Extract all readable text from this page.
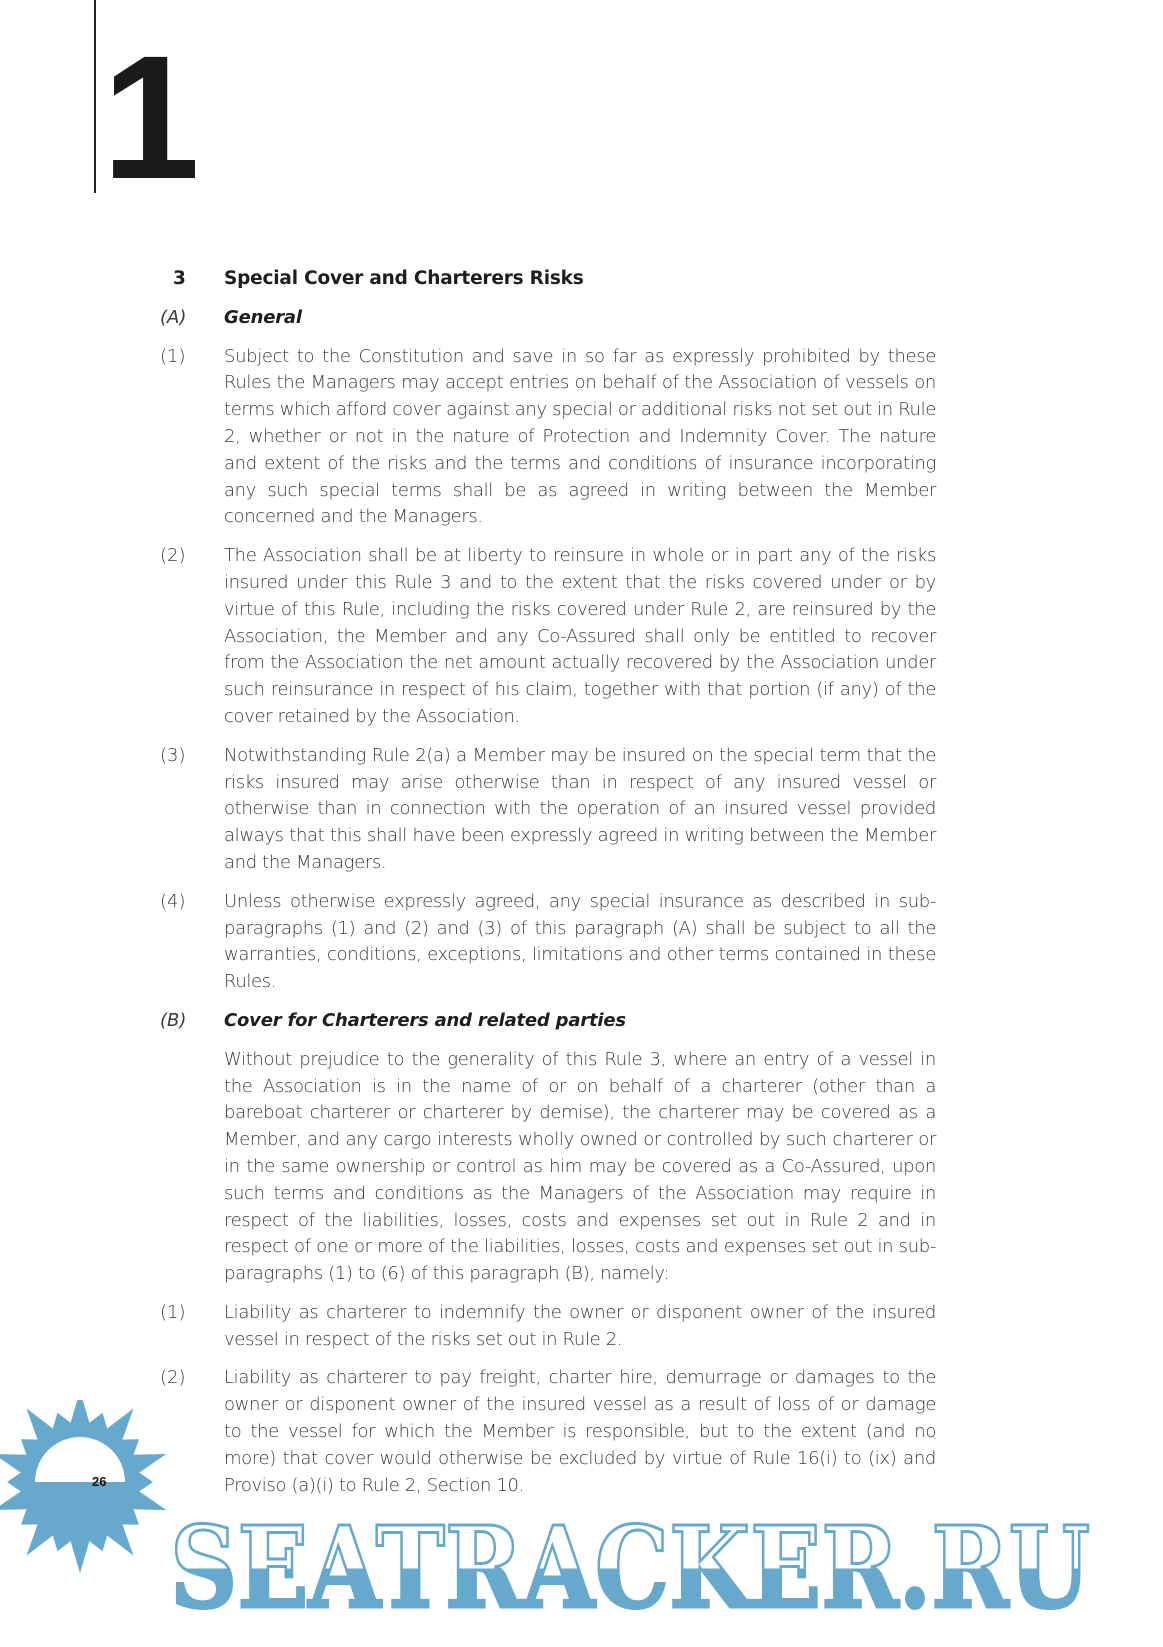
1
3	Special Cover and Charterers Risks
(A)	General
(1)	Subject to the Constitution and save in so far as expressly prohibited by these Rules the Managers may accept entries on behalf of the Association of vessels on terms which afford cover against any special or additional risks not set out in Rule 2, whether or not in the nature of Protection and Indemnity Cover. The nature and extent of the risks and the terms and conditions of insurance incorporating any such special terms shall be as agreed in writing between the Member concerned and the Managers.
(2)	The Association shall be at liberty to reinsure in whole or in part any of the risks insured under this Rule 3 and to the extent that the risks covered under or by virtue of this Rule, including the risks covered under Rule 2, are reinsured by the Association, the Member and any Co-Assured shall only be entitled to recover from the Association the net amount actually recovered by the Association under such reinsurance in respect of his claim, together with that portion (if any) of the cover retained by the Association.
(3)	Notwithstanding Rule 2(a) a Member may be insured on the special term that the risks insured may arise otherwise than in respect of any insured vessel or otherwise than in connection with the operation of an insured vessel provided always that this shall have been expressly agreed in writing between the Member and the Managers.
(4)	Unless otherwise expressly agreed, any special insurance as described in sub-paragraphs (1) and (2) and (3) of this paragraph (A) shall be subject to all the warranties, conditions, exceptions, limitations and other terms contained in these Rules.
(B)	Cover for Charterers and related parties
Without prejudice to the generality of this Rule 3, where an entry of a vessel in the Association is in the name of or on behalf of a charterer (other than a bareboat charterer or charterer by demise), the charterer may be covered as a Member, and any cargo interests wholly owned or controlled by such charterer or in the same ownership or control as him may be covered as a Co-Assured, upon such terms and conditions as the Managers of the Association may require in respect of the liabilities, losses, costs and expenses set out in Rule 2 and in respect of one or more of the liabilities, losses, costs and expenses set out in sub-paragraphs (1) to (6) of this paragraph (B), namely:
(1)	Liability as charterer to indemnify the owner or disponent owner of the insured vessel in respect of the risks set out in Rule 2.
(2)	Liability as charterer to pay freight, charter hire, demurrage or damages to the owner or disponent owner of the insured vessel as a result of loss of or damage to the vessel for which the Member is responsible, but to the extent (and no more) that cover would otherwise be excluded by virtue of Rule 16(i) to (ix) and Proviso (a)(i) to Rule 2, Section 10.
SEATRACKER.RU
26
